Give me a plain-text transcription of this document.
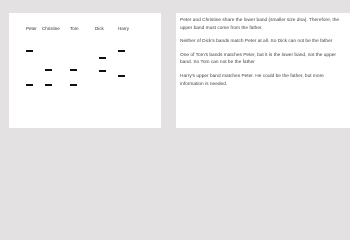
Peter Christine Tom	Dick	Harry

Peter and Christine share the lower band (smaller size dna). Therefore, the upper band must come from the father.

Neither of Dick's bands match Peter at all. So Dick can not be the father

One of Tom's bands matches Peter, but it is the lower band, not the upper band. So Tom can not be the father

Harry's upper band matches Peter. He could be the father, but more information is needed.
